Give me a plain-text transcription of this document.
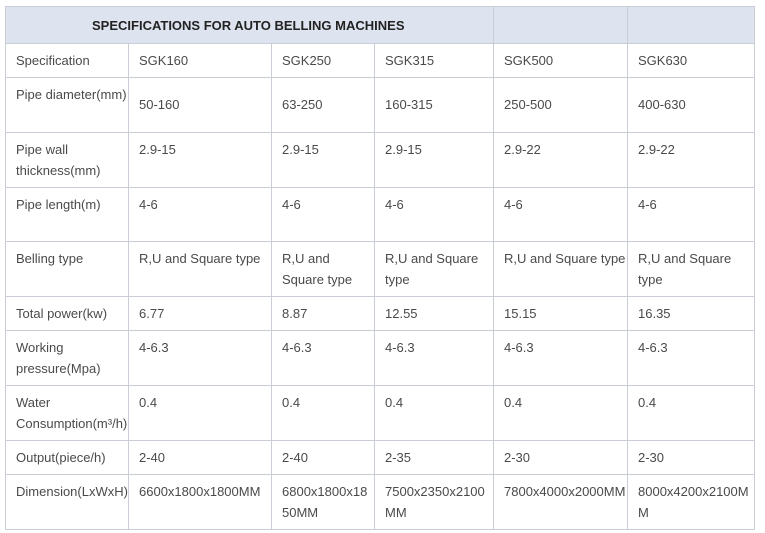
SPECIFICATIONS FOR AUTO BELLING MACHINES					
Specification	SGK160	SGK250	SGK315	SGK500	SGK630
Pipe diameter(mm)	50-160	63-250	160-315	250-500	400-630
Pipe wall thickness(mm)	2.9-15	2.9-15	2.9-15	2.9-22	2.9-22
Pipe length(m)	4-6	4-6	4-6	4-6	4-6
Belling type	R,U and Square type	R,U and Square type	R,U and Square type	R,U and Square type	R,U and Square type
Total power(kw)	6.77	8.87	12.55	15.15	16.35
Working pressure(Mpa)	4-6.3	4-6.3	4-6.3	4-6.3	4-6.3

Water Consumption(m³/h)	0.4	0.4	0.4	0.4	0.4
Output(piece/h)	2-40	2-40	2-35	2-30	2-30
Dimension(LxWxH)	6600x1800x1800MM	6800x1800x1850MM	7500x2350x2100MM	7800x4000x2000MM	8000x4200x2100MM
